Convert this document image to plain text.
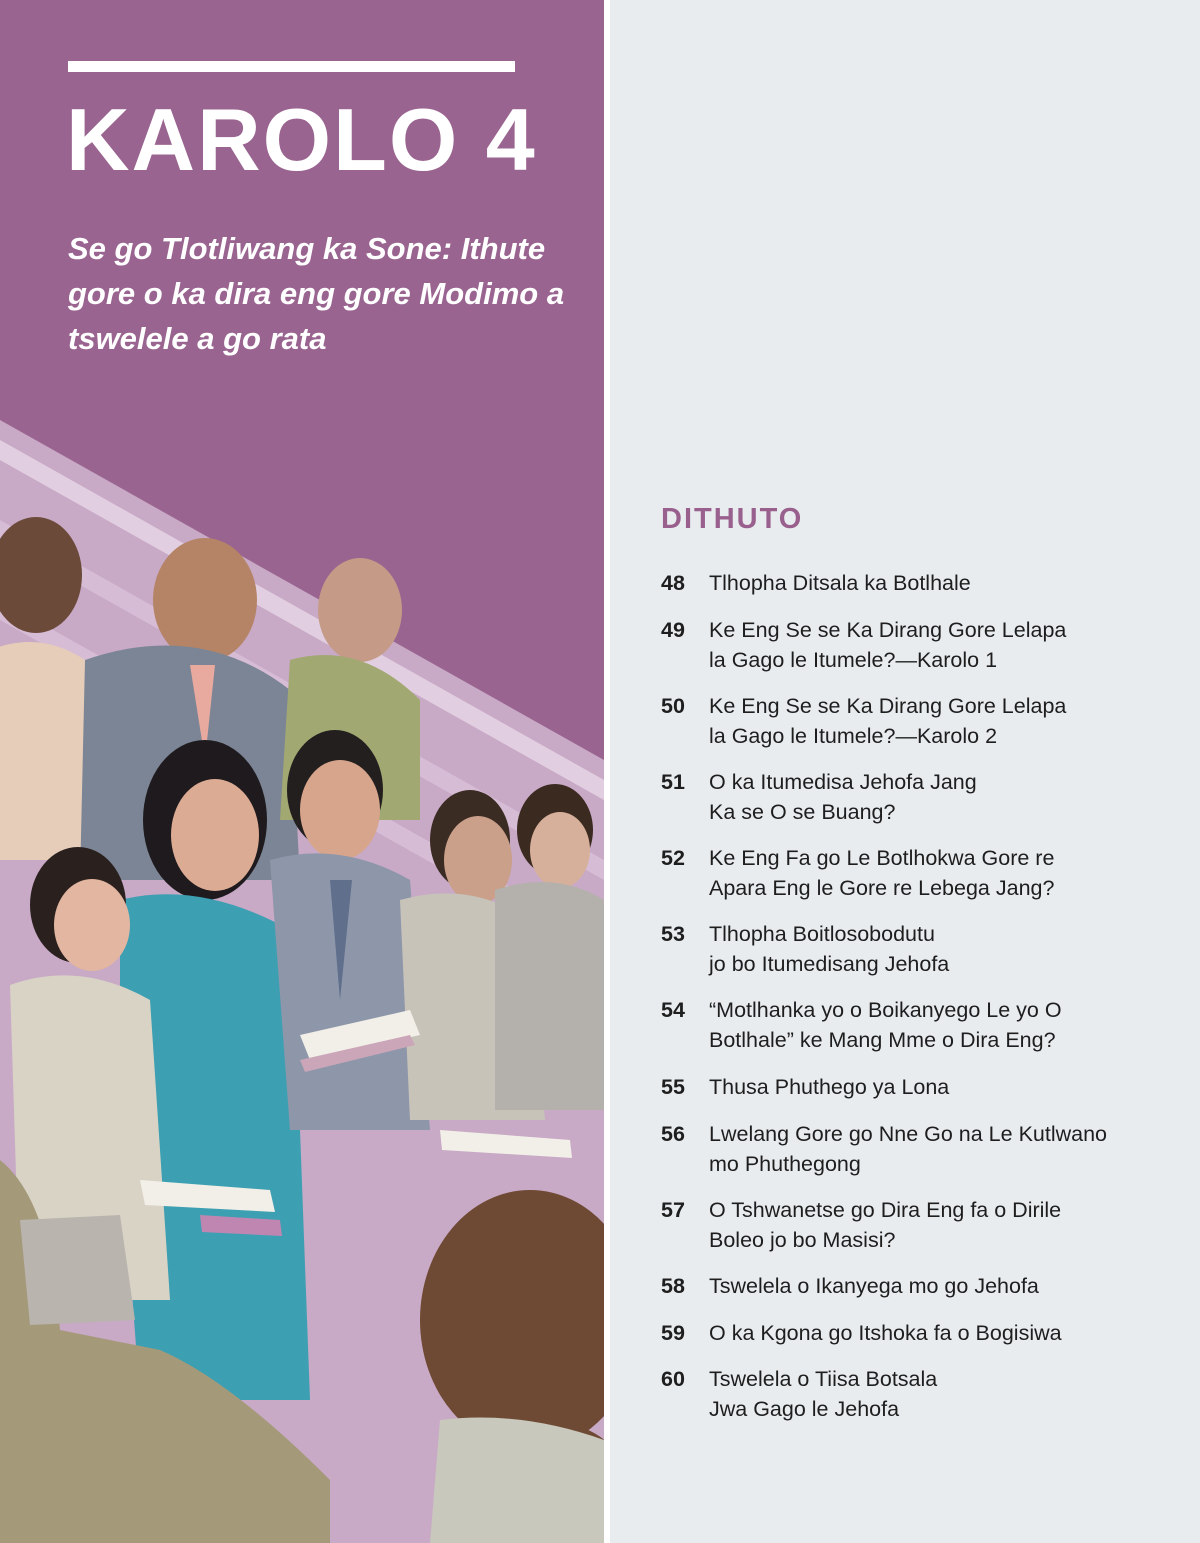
KAROLO 4
Se go Tlotliwang ka Sone: Ithute gore o ka dira eng gore Modimo a tswelele a go rata
DITHUTO
48	Tlhopha Ditsala ka Botlhale
49	Ke Eng Se se Ka Dirang Gore Lelapa
la Gago le Itumele?—Karolo 1
50	Ke Eng Se se Ka Dirang Gore Lelapa
la Gago le Itumele?—Karolo 2
51	O ka Itumedisa Jehofa Jang
Ka se O se Buang?
52	Ke Eng Fa go Le Botlhokwa Gore re
Apara Eng le Gore re Lebega Jang?
53	Tlhopha Boitlosobodutu
jo bo Itumedisang Jehofa
54	“Motlhanka yo o Boikanyego Le yo O
Botlhale” ke Mang Mme o Dira Eng?
55	Thusa Phuthego ya Lona
56	Lwelang Gore go Nne Go na Le Kutlwano
mo Phuthegong
57	O Tshwanetse go Dira Eng fa o Dirile
Boleo jo bo Masisi?
58	Tswelela o Ikanyega mo go Jehofa
59	O ka Kgona go Itshoka fa o Bogisiwa
60	Tswelela o Tiisa Botsala
Jwa Gago le Jehofa
